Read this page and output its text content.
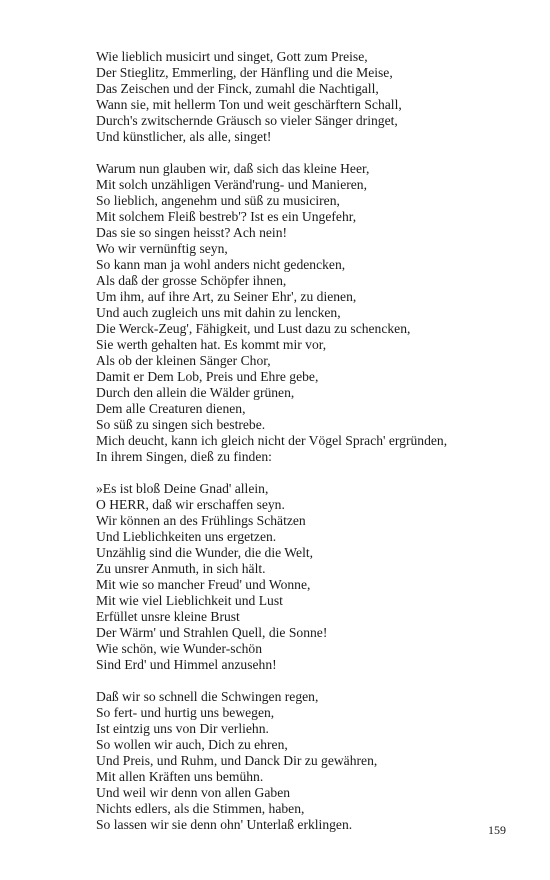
Wie lieblich musicirt und singet, Gott zum Preise,
Der Stieglitz, Emmerling, der Hänfling und die Meise,
Das Zeischen und der Finck, zumahl die Nachtigall,
Wann sie, mit hellerm Ton und weit geschärftern Schall,
Durch's zwitschernde Gräusch so vieler Sänger dringet,
Und künstlicher, als alle, singet!
Warum nun glauben wir, daß sich das kleine Heer,
Mit solch unzähligen Veränd'rung- und Manieren,
So lieblich, angenehm und süß zu musiciren,
Mit solchem Fleiß bestreb'? Ist es ein Ungefehr,
Das sie so singen heisst? Ach nein!
Wo wir vernünftig seyn,
So kann man ja wohl anders nicht gedencken,
Als daß der grosse Schöpfer ihnen,
Um ihm, auf ihre Art, zu Seiner Ehr', zu dienen,
Und auch zugleich uns mit dahin zu lencken,
Die Werck-Zeug', Fähigkeit, und Lust dazu zu schencken,
Sie werth gehalten hat. Es kommt mir vor,
Als ob der kleinen Sänger Chor,
Damit er Dem Lob, Preis und Ehre gebe,
Durch den allein die Wälder grünen,
Dem alle Creaturen dienen,
So süß zu singen sich bestrebe.
Mich deucht, kann ich gleich nicht der Vögel Sprach' ergründen,
In ihrem Singen, dieß zu finden:
»Es ist bloß Deine Gnad' allein,
O HERR, daß wir erschaffen seyn.
Wir können an des Frühlings Schätzen
Und Lieblichkeiten uns ergetzen.
Unzählig sind die Wunder, die die Welt,
Zu unsrer Anmuth, in sich hält.
Mit wie so mancher Freud' und Wonne,
Mit wie viel Lieblichkeit und Lust
Erfüllet unsre kleine Brust
Der Wärm' und Strahlen Quell, die Sonne!
Wie schön, wie Wunder-schön
Sind Erd' und Himmel anzusehn!
Daß wir so schnell die Schwingen regen,
So fert- und hurtig uns bewegen,
Ist eintzig uns von Dir verliehn.
So wollen wir auch, Dich zu ehren,
Und Preis, und Ruhm, und Danck Dir zu gewähren,
Mit allen Kräften uns bemühn.
Und weil wir denn von allen Gaben
Nichts edlers, als die Stimmen, haben,
So lassen wir sie denn ohn' Unterlaß erklingen.	159
